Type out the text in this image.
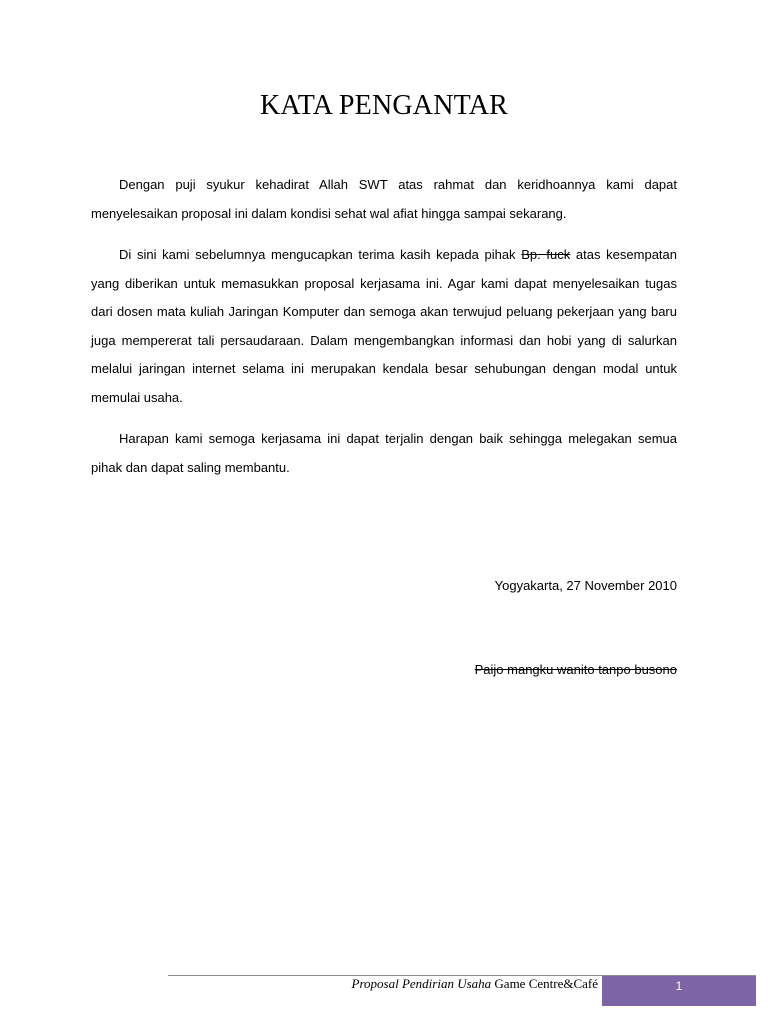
KATA PENGANTAR

Dengan puji syukur kehadirat Allah SWT atas rahmat dan keridhoannya kami dapat menyelesaikan proposal ini dalam kondisi sehat wal afiat hingga sampai sekarang.

Di sini kami sebelumnya mengucapkan terima kasih kepada pihak Bp. fuck atas kesempatan yang diberikan untuk memasukkan proposal kerjasama ini. Agar kami dapat menyelesaikan tugas dari dosen mata kuliah Jaringan Komputer dan semoga akan terwujud peluang pekerjaan yang baru juga mempererat tali persaudaraan. Dalam mengembangkan informasi dan hobi yang di salurkan melalui jaringan internet selama ini merupakan kendala besar sehubungan dengan modal untuk memulai usaha.

Harapan kami semoga kerjasama ini dapat terjalin dengan baik sehingga melegakan semua pihak dan dapat saling membantu.

Yogyakarta, 27 November 2010
Paijo mangku wanito tanpo busono
Proposal Pendirian Usaha Game Centre&Café	1
